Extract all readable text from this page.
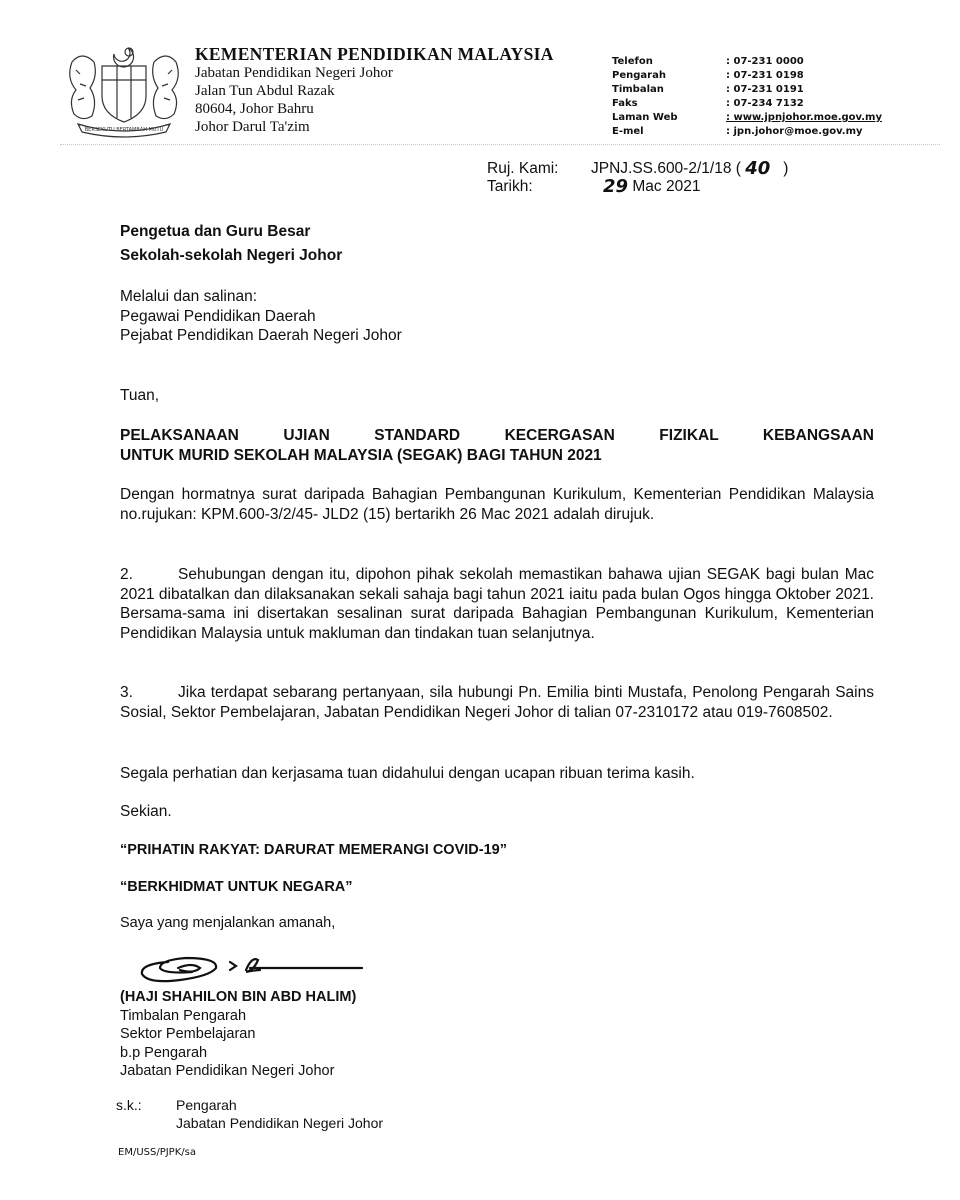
BERSEKUTU BERTAMBAH MUTU
KEMENTERIAN PENDIDIKAN MALAYSIA
Jabatan Pendidikan Negeri Johor
Jalan Tun Abdul Razak
80604, Johor Bahru
Johor Darul Ta'zim
Telefon	: 07-231 0000
Pengarah	: 07-231 0198
Timbalan	: 07-231 0191
Faks	: 07-234 7132
Laman Web	: www.jpnjohor.moe.gov.my
E-mel	: jpn.johor@moe.gov.my
Ruj. Kami:	JPNJ.SS.600-2/1/18 (
40
)
Tarikh:	29
Mac 2021
Pengetua dan Guru Besar
Sekolah-sekolah Negeri Johor
Melalui dan salinan:
Pegawai Pendidikan Daerah
Pejabat Pendidikan Daerah Negeri Johor
Tuan,
PELAKSANAAN UJIAN STANDARD KECERGASAN FIZIKAL KEBANGSAAN
UNTUK MURID SEKOLAH MALAYSIA (SEGAK) BAGI TAHUN 2021
Dengan hormatnya surat daripada Bahagian Pembangunan Kurikulum, Kementerian Pendidikan Malaysia no.rujukan: KPM.600-3/2/45- JLD2 (15) bertarikh 26 Mac 2021 adalah dirujuk.
2.	Sehubungan dengan itu, dipohon pihak sekolah memastikan bahawa ujian SEGAK bagi bulan Mac 2021 dibatalkan dan dilaksanakan sekali sahaja bagi tahun 2021 iaitu pada bulan Ogos hingga Oktober 2021. Bersama-sama ini disertakan sesalinan surat daripada Bahagian Pembangunan Kurikulum, Kementerian Pendidikan Malaysia untuk makluman dan tindakan tuan selanjutnya.
3.	Jika terdapat sebarang pertanyaan, sila hubungi Pn. Emilia binti Mustafa, Penolong Pengarah Sains Sosial, Sektor Pembelajaran, Jabatan Pendidikan Negeri Johor di talian 07-2310172 atau 019-7608502.
Segala perhatian dan kerjasama tuan didahului dengan ucapan ribuan terima kasih.
Sekian.
“PRIHATIN RAKYAT: DARURAT MEMERANGI COVID-19”
“BERKHIDMAT UNTUK NEGARA”
Saya yang menjalankan amanah,
(HAJI SHAHILON BIN ABD HALIM)
Timbalan Pengarah
Sektor Pembelajaran
b.p Pengarah
Jabatan Pendidikan Negeri Johor
s.k.:	Pengarah
Jabatan Pendidikan Negeri Johor
EM/USS/PJPK/sa
